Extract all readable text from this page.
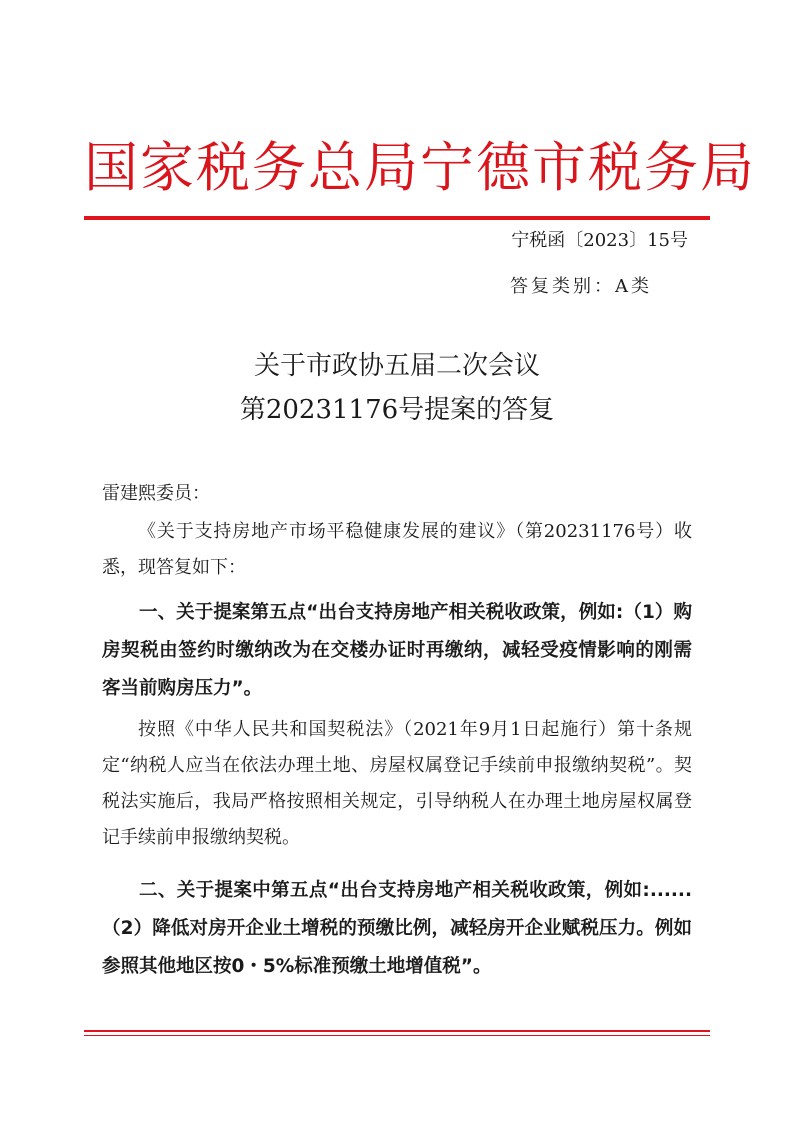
国家税务总局宁德市税务局
宁税函〔2023〕15号
答复类别：A类
关于市政协五届二次会议
第20231176号提案的答复
雷建熙委员：

《关于支持房地产市场平稳健康发展的建议》（第20231176号）收悉，现答复如下：

一、关于提案第五点“出台支持房地产相关税收政策，例如:（1）购房契税由签约时缴纳改为在交楼办证时再缴纳，减轻受疫情影响的刚需客当前购房压力”。

按照《中华人民共和国契税法》（2021年9月1日起施行）第十条规定“纳税人应当在依法办理土地、房屋权属登记手续前申报缴纳契税”。契税法实施后，我局严格按照相关规定，引导纳税人在办理土地房屋权属登记手续前申报缴纳契税。

二、关于提案中第五点“出台支持房地产相关税收政策，例如:......（2）降低对房开企业土增税的预缴比例，减轻房开企业赋税压力。例如参照其他地区按0・5%标准预缴土地增值税”。
